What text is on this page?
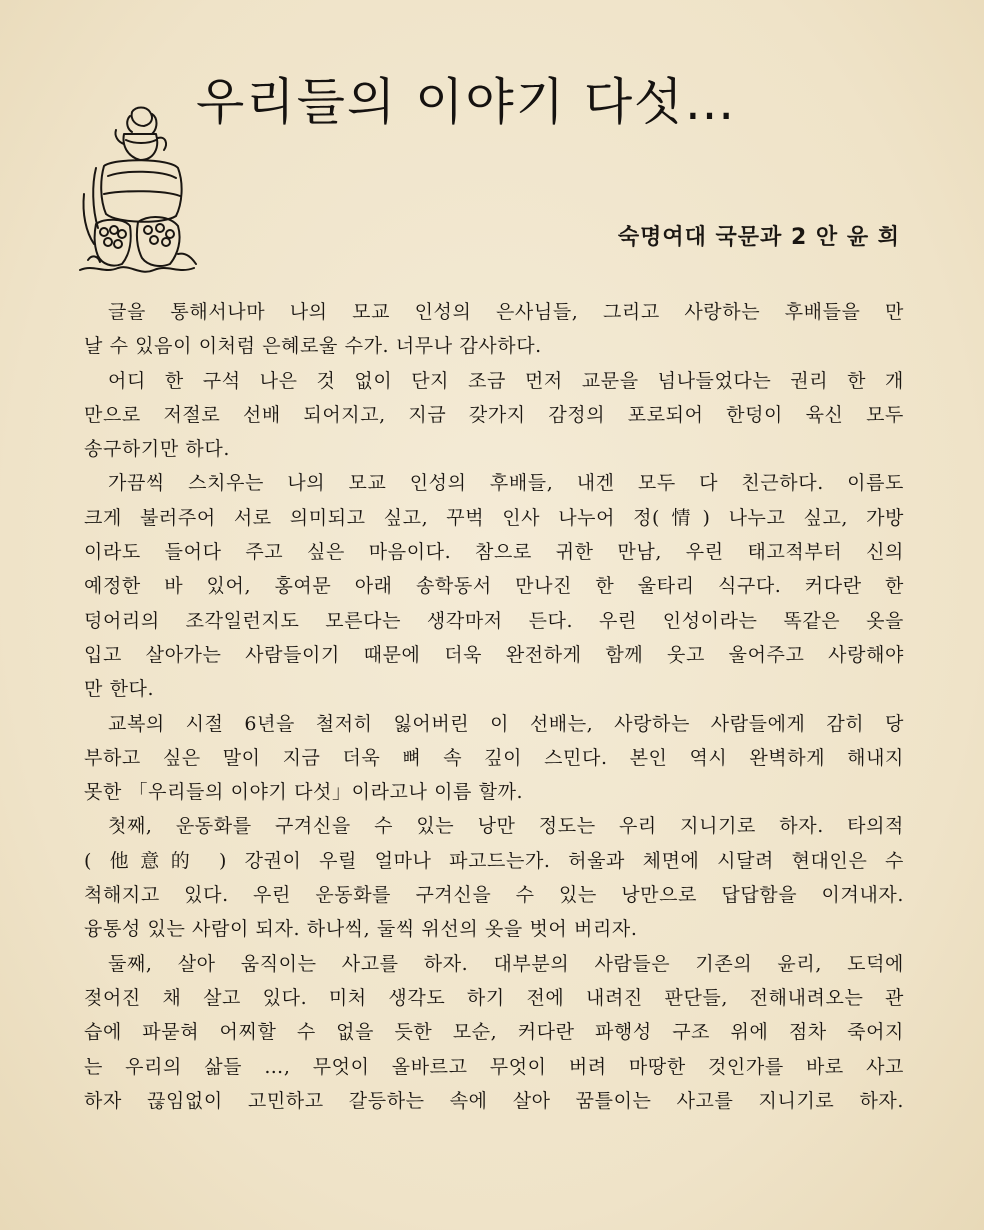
우리들의 이야기 다섯…
숙명여대 국문과 2 안 윤 희
글을 통해서나마 나의 모교 인성의 은사님들, 그리고 사랑하는 후배들을 만
날 수 있음이 이처럼 은혜로울 수가. 너무나 감사하다.
어디 한 구석 나은 것 없이 단지 조금 먼저 교문을 넘나들었다는 권리 한 개
만으로 저절로 선배 되어지고, 지금 갖가지 감정의 포로되어 한덩이 육신 모두
송구하기만 하다.
가끔씩 스치우는 나의 모교 인성의 후배들, 내겐 모두 다 친근하다. 이름도
크게 불러주어 서로 의미되고 싶고, 꾸벅 인사 나누어 정(情) 나누고 싶고, 가방
이라도 들어다 주고 싶은 마음이다. 참으로 귀한 만남, 우린 태고적부터 신의
예정한 바 있어, 홍여문 아래 송학동서 만나진 한 울타리 식구다. 커다란 한
덩어리의 조각일런지도 모른다는 생각마저 든다. 우린 인성이라는 똑같은 옷을
입고 살아가는 사람들이기 때문에 더욱 완전하게 함께 웃고 울어주고 사랑해야
만 한다.
교복의 시절 6년을 철저히 잃어버린 이 선배는, 사랑하는 사람들에게 감히 당
부하고 싶은 말이 지금 더욱 뼈 속 깊이 스민다. 본인 역시 완벽하게 해내지
못한 「우리들의 이야기 다섯」이라고나 이름 할까.
첫째, 운동화를 구겨신을 수 있는 낭만 정도는 우리 지니기로 하자. 타의적
( 他意的 ) 강권이 우릴 얼마나 파고드는가. 허울과 체면에 시달려 현대인은 수
척해지고 있다. 우린 운동화를 구겨신을 수 있는 낭만으로 답답함을 이겨내자.
융통성 있는 사람이 되자. 하나씩, 둘씩 위선의 옷을 벗어 버리자.
둘째, 살아 움직이는 사고를 하자. 대부분의 사람들은 기존의 윤리, 도덕에
젖어진 채 살고 있다. 미처 생각도 하기 전에 내려진 판단들, 전해내려오는 관
습에 파묻혀 어찌할 수 없을 듯한 모순, 커다란 파행성 구조 위에 점차 죽어지
는 우리의 삶들 …, 무엇이 올바르고 무엇이 버려 마땅한 것인가를 바로 사고
하자 끊임없이 고민하고 갈등하는 속에 살아 꿈틀이는 사고를 지니기로 하자.
